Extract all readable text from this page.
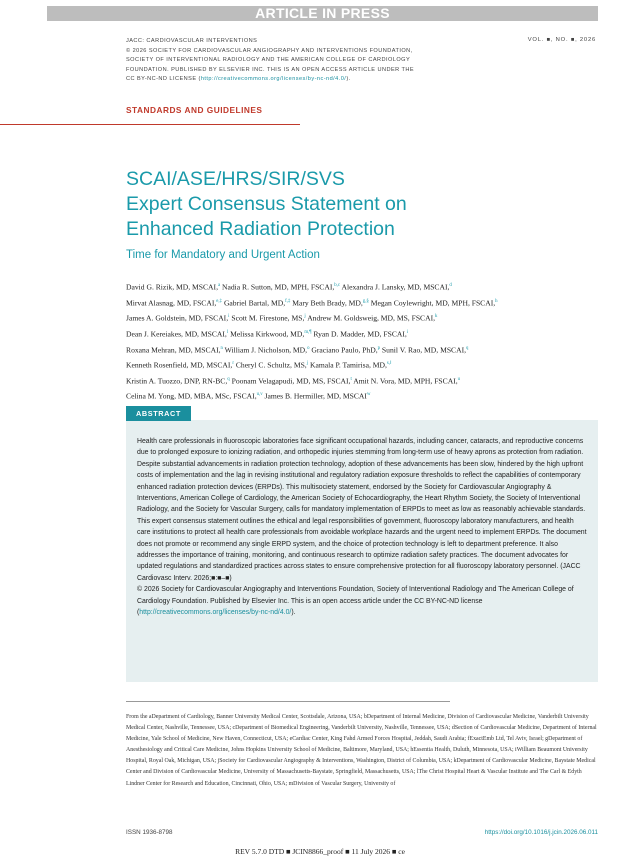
ARTICLE IN PRESS
JACC: CARDIOVASCULAR INTERVENTIONS
© 2026 SOCIETY FOR CARDIOVASCULAR ANGIOGRAPHY AND INTERVENTIONS FOUNDATION,
SOCIETY OF INTERVENTIONAL RADIOLOGY AND THE AMERICAN COLLEGE OF CARDIOLOGY
FOUNDATION. PUBLISHED BY ELSEVIER INC. THIS IS AN OPEN ACCESS ARTICLE UNDER THE
CC BY-NC-ND LICENSE (http://creativecommons.org/licenses/by-nc-nd/4.0/).
VOL. ■, NO. ■, 2026
STANDARDS AND GUIDELINES
SCAI/ASE/HRS/SIR/SVS
Expert Consensus Statement on
Enhanced Radiation Protection
Time for Mandatory and Urgent Action
David G. Rizik, MD, MSCAI,$^a$ Nadia R. Sutton, MD, MPH, FSCAI,$^{b,c}$ Alexandra J. Lansky, MD, MSCAI,$^d$
Mirvat Alasnag, MD, FSCAI,$^{e,\ddagger}$ Gabriel Bartal, MD,$^{f,\ddagger}$ Mary Beth Brady, MD,$^{g,\S}$ Megan Coylewright, MD, MPH, FSCAI,$^h$
James A. Goldstein, MD, FSCAI,$^i$ Scott M. Firestone, MS,$^j$ Andrew M. Goldsweig, MD, MS, FSCAI,$^k$
Dean J. Kereiakes, MD, MSCAI,$^l$ Melissa Kirkwood, MD,$^{m,\P}$ Ryan D. Madder, MD, FSCAI,$^i$
Roxana Mehran, MD, MSCAI,$^n$ William J. Nicholson, MD,$^o$ Graciano Paulo, PhD,$^p$ Sunil V. Rao, MD, MSCAI,$^q$
Kenneth Rosenfield, MD, MSCAI,$^r$ Cheryl C. Schultz, MS,$^j$ Kamala P. Tamirisa, MD,$^{s,‖}$
Kristin A. Tuozzo, DNP, RN-BC,$^q$ Poonam Velagapudi, MD, MS, FSCAI,$^t$ Amit N. Vora, MD, MPH, FSCAI,$^u$
Celina M. Yong, MD, MBA, MSc, FSCAI,$^{u,v}$ James B. Hermiller, MD, MSCAI$^w$
ABSTRACT

Health care professionals in fluoroscopic laboratories face significant occupational hazards, including cancer, cataracts, and reproductive concerns due to prolonged exposure to ionizing radiation, and orthopedic injuries stemming from long-term use of heavy aprons as protection from radiation. Despite substantial advancements in radiation protection technology, adoption of these advancements has been slow, hindered by the high upfront costs of implementation and the lag in revising institutional and regulatory radiation exposure thresholds to reflect the capabilities of contemporary enhanced radiation protection devices (ERPDs). This multisociety statement, endorsed by the Society for Cardiovascular Angiography & Interventions, American College of Cardiology, the American Society of Echocardiography, the Heart Rhythm Society, the Society of Interventional Radiology, and the Society for Vascular Surgery, calls for mandatory implementation of ERPDs to meet as low as reasonably achievable standards. This expert consensus statement outlines the ethical and legal responsibilities of government, fluoroscopy laboratory manufacturers, and health care institutions to protect all health care professionals from avoidable workplace hazards and the urgent need to implement ERPDs. The document does not promote or recommend any single ERPD system, and the choice of protection technology is left to department preference. It also addresses the importance of training, monitoring, and continuous research to optimize radiation safety practices. The document advocates for updated regulations and standardized practices across states to ensure comprehensive protection for all fluoroscopy laboratory personnel. (JACC Cardiovasc Interv. 2026;■:■–■)

© 2026 Society for Cardiovascular Angiography and Interventions Foundation, Society of Interventional Radiology and The American College of Cardiology Foundation. Published by Elsevier Inc. This is an open access article under the CC BY-NC-ND license (http://creativecommons.org/licenses/by-nc-nd/4.0/).

From the aDepartment of Cardiology, Banner University Medical Center, Scottsdale, Arizona, USA; bDepartment of Internal Medicine, Division of Cardiovascular Medicine, Vanderbilt University Medical Center, Nashville, Tennessee, USA; cDepartment of Biomedical Engineering, Vanderbilt University, Nashville, Tennessee, USA; dSection of Cardiovascular Medicine, Department of Internal Medicine, Yale School of Medicine, New Haven, Connecticut, USA; eCardiac Center, King Fahd Armed Forces Hospital, Jeddah, Saudi Arabia; fExactEmb Ltd, Tel Aviv, Israel; gDepartment of Anesthesiology and Critical Care Medicine, Johns Hopkins University School of Medicine, Baltimore, Maryland, USA; hEssentia Health, Duluth, Minnesota, USA; iWilliam Beaumont University Hospital, Royal Oak, Michigan, USA; jSociety for Cardiovascular Angiography & Interventions, Washington, District of Columbia, USA; kDepartment of Cardiovascular Medicine, Baystate Medical Center and Division of Cardiovascular Medicine, University of Massachusetts-Baystate, Springfield, Massachusetts, USA; lThe Christ Hospital Heart & Vascular Institute and The Carl & Edyth Lindner Center for Research and Education, Cincinnati, Ohio, USA; mDivision of Vascular Surgery, University of
ISSN 1936-8798	https://doi.org/10.1016/j.jcin.2026.06.011
REV 5.7.0 DTD ■ JCIN8866_proof ■ 11 July 2026 ■ ce
